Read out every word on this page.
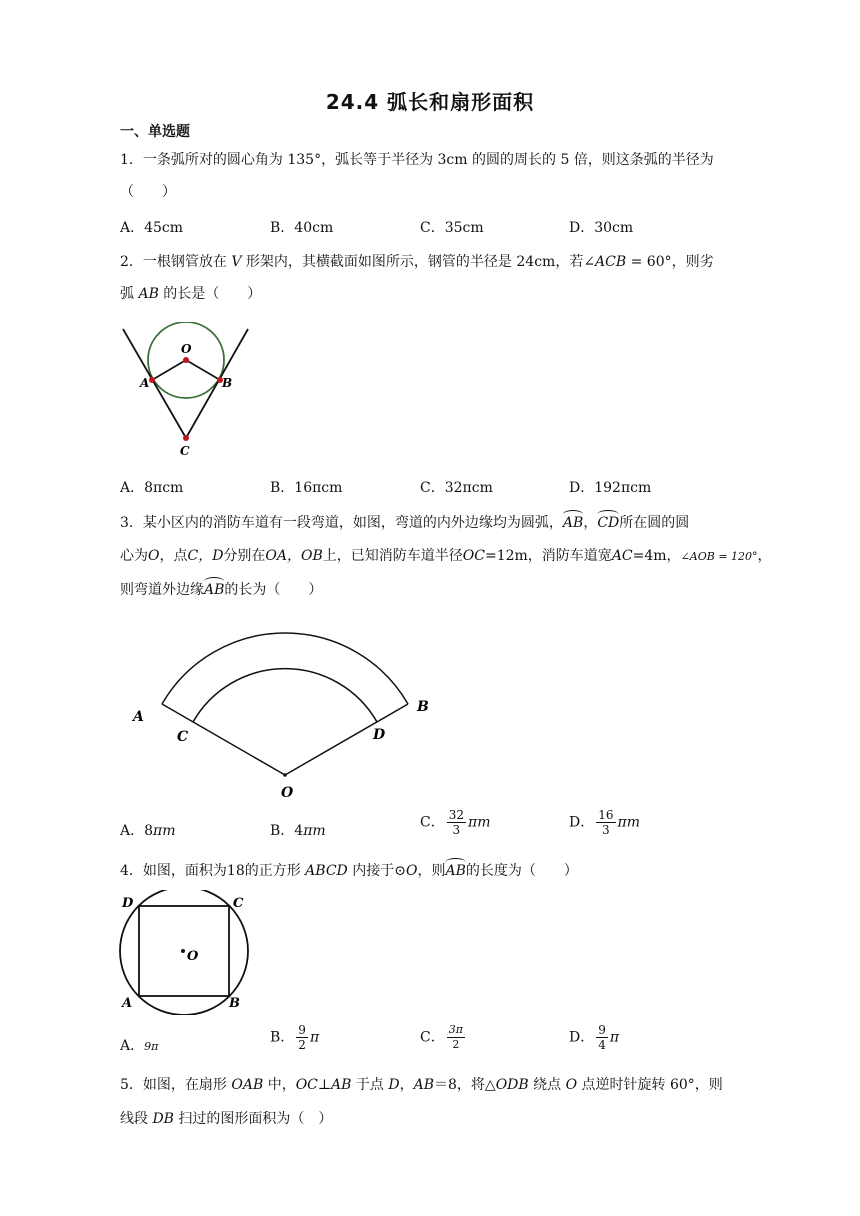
24.4 弧长和扇形面积
一、单选题
1．一条弧所对的圆心角为 135°，弧长等于半径为 3cm 的圆的周长的 5 倍，则这条弧的半径为
（　　）
A．45cm	B．40cm	C．35cm	D．30cm
2．一根钢管放在 V 形架内，其横截面如图所示，钢管的半径是 24cm，若∠ACB = 60°，则劣
弧 AB 的长是（　　）
O
A	B
C
A．8πcm	B．16πcm	C．32πcm	D．192πcm
3．某小区内的消防车道有一段弯道，如图，弯道的内外边缘均为圆弧，AB，CD所在圆的圆
心为O，点C，D分别在OA，OB上，已知消防车道半径OC=12m，消防车道宽AC=4m，∠AOB = 120°，
则弯道外边缘AB的长为（　　）
A
B
C	D
O
A．8πm	B．4πm
C． $\frac{32}{3}$ πm	D． $\frac{16}{3}$ πm
4．如图，面积为18的正方形 ABCD 内接于⊙O，则AB的长度为（　　）
O
D	C
A	B
A．9π
B． $\frac{9}{2}$ π	C． $\frac{3\pi}{2}$	D． $\frac{9}{4}$ π
5．如图，在扇形 OAB 中，OC⊥AB 于点 D，AB＝8，将△ODB 绕点 O 点逆时针旋转 60°，则
线段 DB 扫过的图形面积为（　）
